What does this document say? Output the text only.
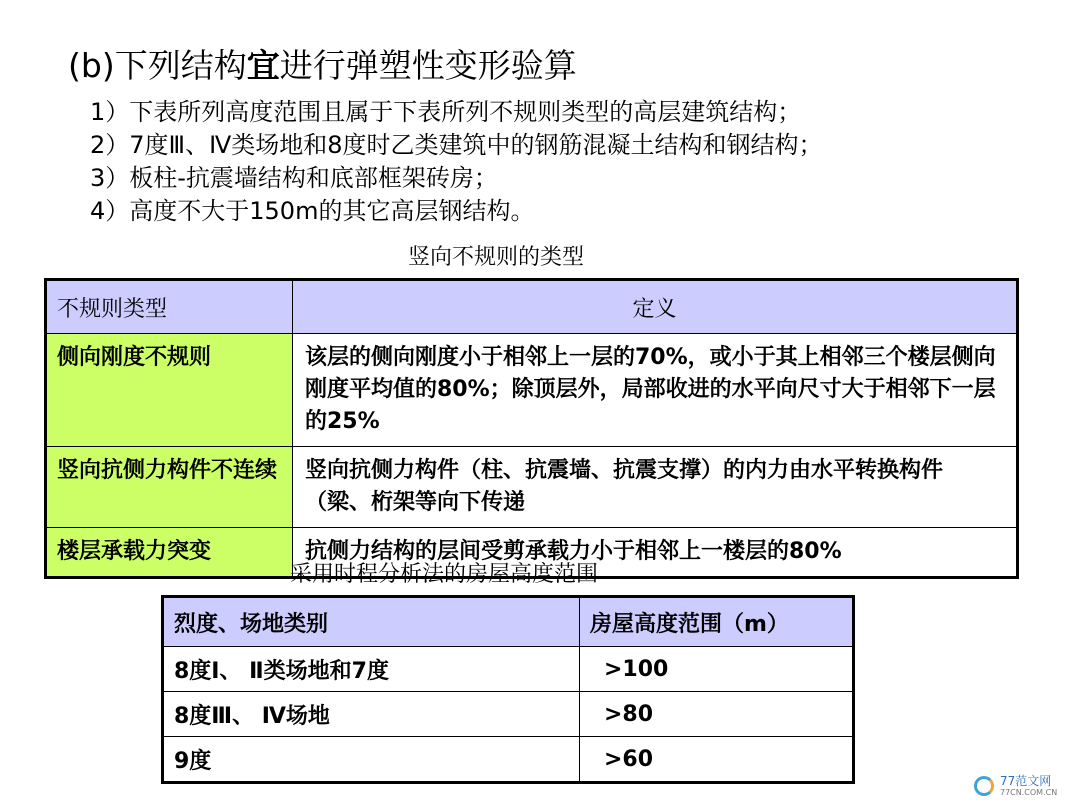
(b)下列结构宜进行弹塑性变形验算
1）下表所列高度范围且属于下表所列不规则类型的高层建筑结构；
2）7度Ⅲ、Ⅳ类场地和8度时乙类建筑中的钢筋混凝土结构和钢结构；
3）板柱-抗震墙结构和底部框架砖房；
4）高度不大于150m的其它高层钢结构。
竖向不规则的类型
不规则类型	定义
侧向刚度不规则	该层的侧向刚度小于相邻上一层的70%，或小于其上相邻三个楼层侧向刚度平均值的80%；除顶层外，局部收进的水平向尺寸大于相邻下一层的25%
竖向抗侧力构件不连续	竖向抗侧力构件（柱、抗震墙、抗震支撑）的内力由水平转换构件（梁、桁架等向下传递
楼层承载力突变	抗侧力结构的层间受剪承载力小于相邻上一楼层的80%
采用时程分析法的房屋高度范围
烈度、场地类别	房屋高度范围（m）
8度Ⅰ、 Ⅱ类场地和7度	>100
8度Ⅲ、 Ⅳ场地	>80
9度	>60
77范文网
77CN.COM.CN
